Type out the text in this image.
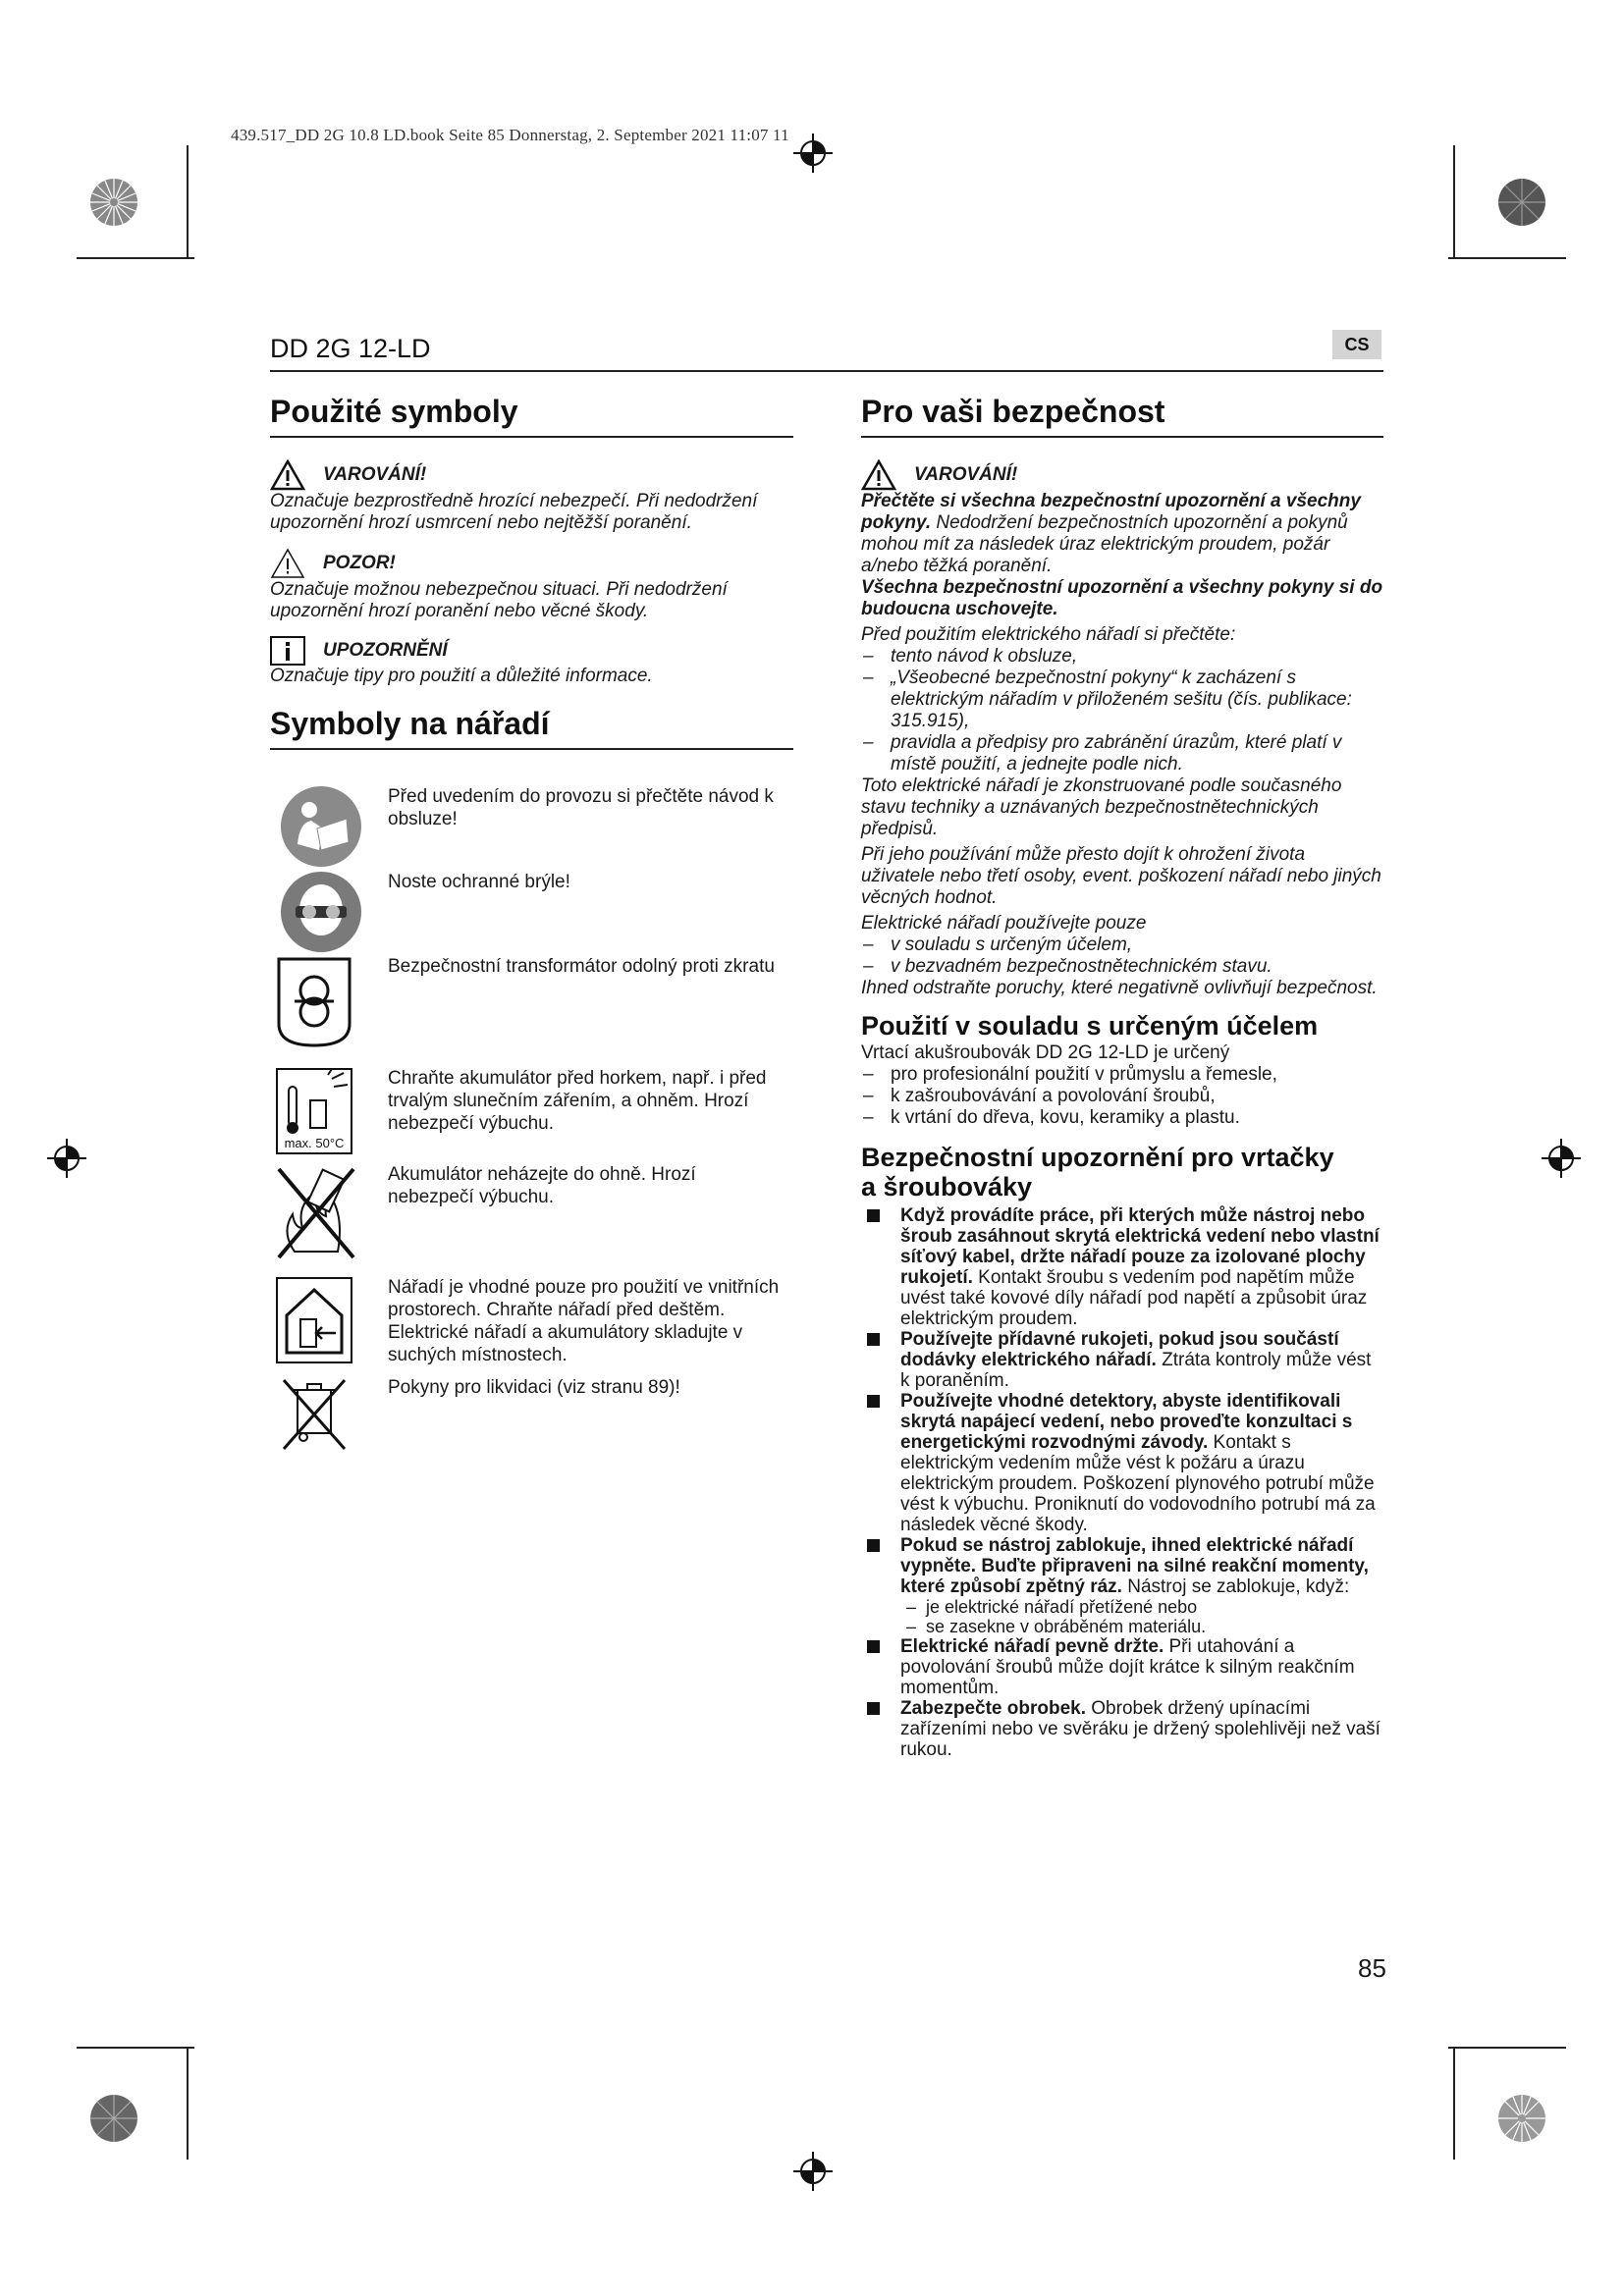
439.517_DD 2G 10.8 LD.book Seite 85 Donnerstag, 2. September 2021 11:07 11
DD 2G 12-LD	CS
Použité symboly
VAROVÁNÍ!

Označuje bezprostředně hrozící nebezpečí. Při nedodržení upozornění hrozí usmrcení nebo nejtěžší poranění.

POZOR!

Označuje možnou nebezpečnou situaci. Při nedodržení upozornění hrozí poranění nebo věcné škody.

UPOZORNĚNÍ

Označuje tipy pro použití a důležité informace.

Symboly na nářadí
max. 50°C
Před uvedením do provozu si přečtěte návod k obsluze!
Noste ochranné brýle!
Bezpečnostní transformátor odolný proti zkratu
Chraňte akumulátor před horkem, např. i před trvalým slunečním zářením, a ohněm. Hrozí nebezpečí výbuchu.
Akumulátor neházejte do ohně. Hrozí nebezpečí výbuchu.
Nářadí je vhodné pouze pro použití ve vnitřních prostorech. Chraňte nářadí před deštěm. Elektrické nářadí a akumulátory skladujte v suchých místnostech.
Pokyny pro likvidaci (viz stranu 89)!
Pro vaši bezpečnost
VAROVÁNÍ!

Přečtěte si všechna bezpečnostní upozornění a všechny pokyny. Nedodržení bezpečnostních upozornění a pokynů mohou mít za následek úraz elektrickým proudem, požár a/nebo těžká poranění.

Všechna bezpečnostní upozornění a všechny pokyny si do budoucna uschovejte.

Před použitím elektrického nářadí si přečtěte:

– tento návod k obsluze,
– „Všeobecné bezpečnostní pokyny“ k zacházení s elektrickým nářadím v přiloženém sešitu (čís. publikace: 315.915),
– pravidla a předpisy pro zabránění úrazům, které platí v místě použití, a jednejte podle nich.

Toto elektrické nářadí je zkonstruované podle současného stavu techniky a uznávaných bezpečnostnětechnických předpisů.

Při jeho používání může přesto dojít k ohrožení života uživatele nebo třetí osoby, event. poškození nářadí nebo jiných věcných hodnot.

Elektrické nářadí používejte pouze

– v souladu s určeným účelem,
– v bezvadném bezpečnostnětechnickém stavu.

Ihned odstraňte poruchy, které negativně ovlivňují bezpečnost.

Použití v souladu s určeným účelem

Vrtací akušroubovák DD 2G 12-LD je určený

– pro profesionální použití v průmyslu a řemesle,
– k zašroubovávání a povolování šroubů,
– k vrtání do dřeva, kovu, keramiky a plastu.
Bezpečnostní upozornění pro vrtačky
a šroubováky
Když provádíte práce, při kterých může nástroj nebo šroub zasáhnout skrytá elektrická vedení nebo vlastní síťový kabel, držte nářadí pouze za izolované plochy rukojetí. Kontakt šroubu s vedením pod napětím může uvést také kovové díly nářadí pod napětí a způsobit úraz elektrickým proudem.
Používejte přídavné rukojeti, pokud jsou součástí dodávky elektrického nářadí. Ztráta kontroly může vést k poraněním.
Používejte vhodné detektory, abyste identifikovali skrytá napájecí vedení, nebo proveďte konzultaci s energetickými rozvodnými závody. Kontakt s elektrickým vedením může vést k požáru a úrazu elektrickým proudem. Poškození plynového potrubí může vést k výbuchu. Proniknutí do vodovodního potrubí má za následek věcné škody.
Pokud se nástroj zablokuje, ihned elektrické nářadí vypněte. Buďte připraveni na silné reakční momenty, které způsobí zpětný ráz. Nástroj se zablokuje, když:
– je elektrické nářadí přetížené nebo
– se zasekne v obráběném materiálu.
Elektrické nářadí pevně držte. Při utahování a povolování šroubů může dojít krátce k silným reakčním momentům.
Zabezpečte obrobek. Obrobek držený upínacími zařízeními nebo ve svěráku je držený spolehlivěji než vaší rukou.
85
